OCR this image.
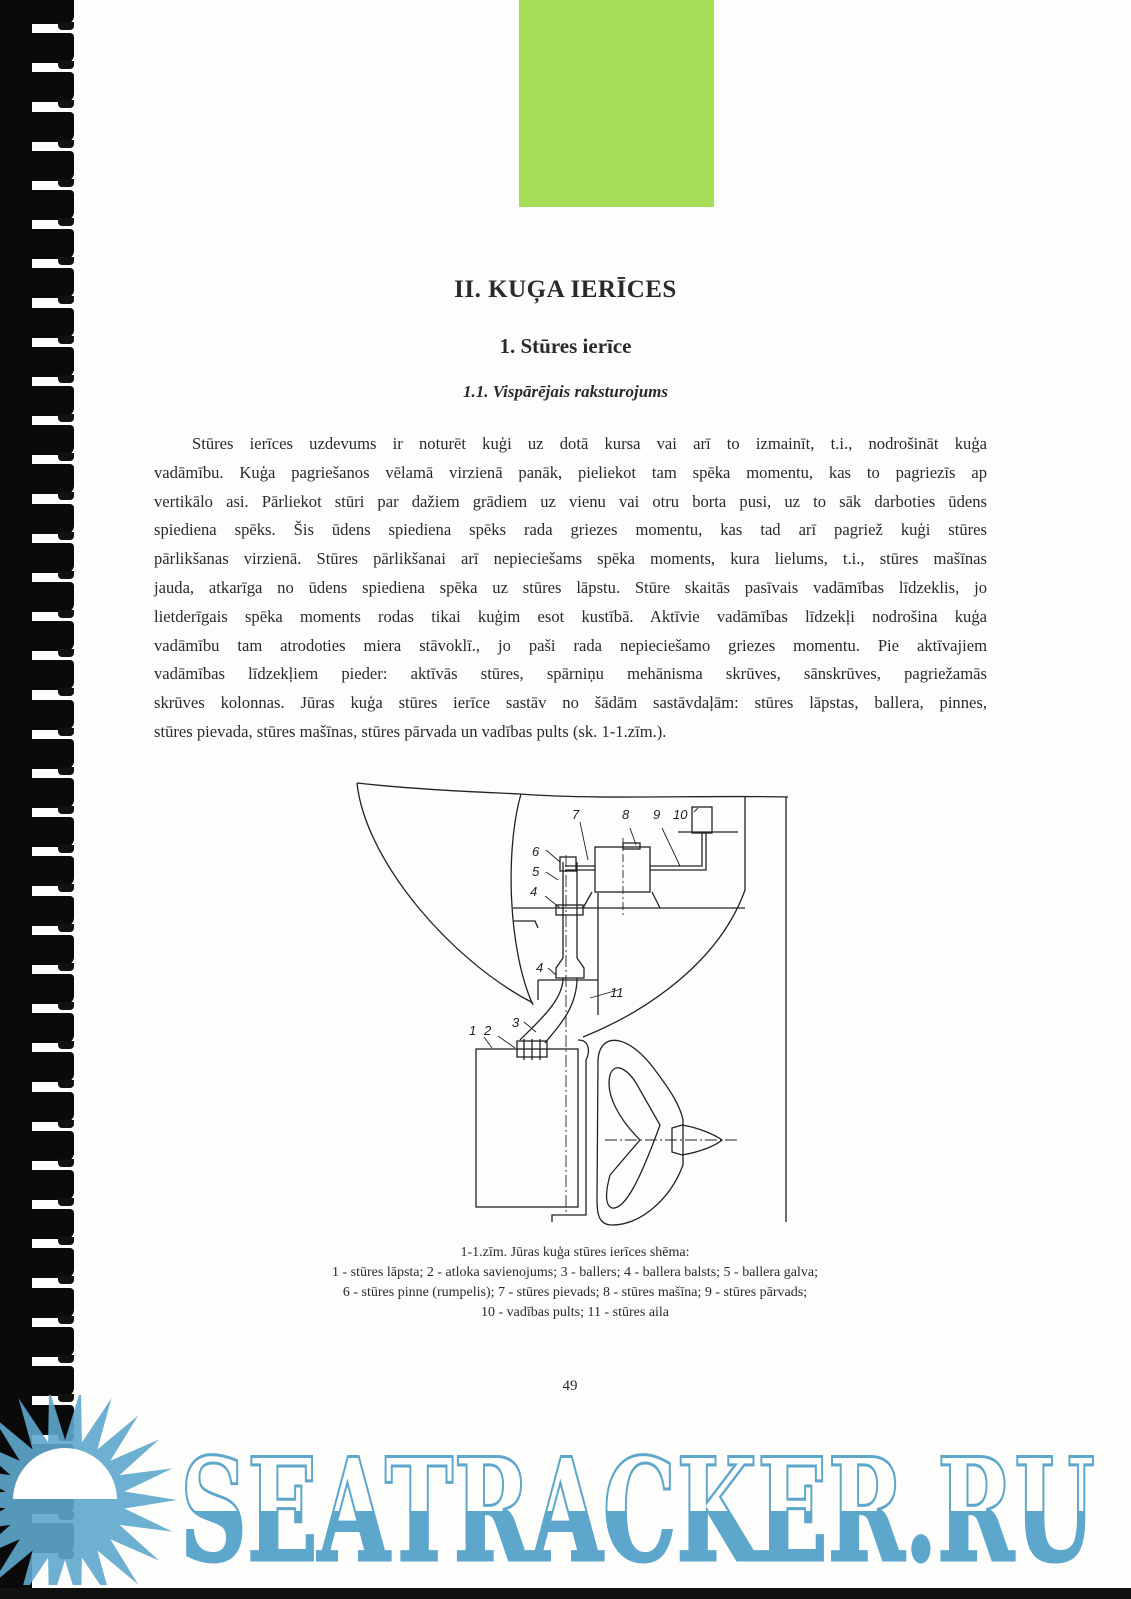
II. KUĢA IERĪCES
1. Stūres ierīce
1.1. Vispārējais raksturojums
Stūres ierīces uzdevums ir noturēt kuģi uz dotā kursa vai arī to izmainīt, t.i., nodrošināt kuģa
vadāmību. Kuģa pagriešanos vēlamā virzienā panāk, pieliekot tam spēka momentu, kas to pagriezīs ap
vertikālo asi. Pārliekot stūri par dažiem grādiem uz vienu vai otru borta pusi, uz to sāk darboties ūdens
spiediena spēks. Šis ūdens spiediena spēks rada griezes momentu, kas tad arī pagriež kuģi stūres
pārlikšanas virzienā. Stūres pārlikšanai arī nepieciešams spēka moments, kura lielums, t.i., stūres mašīnas
jauda, atkarīga no ūdens spiediena spēka uz stūres lāpstu. Stūre skaitās pasīvais vadāmības līdzeklis, jo
lietderīgais spēka moments rodas tikai kuģim esot kustībā. Aktīvie vadāmības līdzekļi nodrošina kuģa
vadāmību tam atrodoties miera stāvoklī., jo paši rada nepieciešamo griezes momentu. Pie aktīvajiem
vadāmības līdzekļiem pieder: aktīvās stūres, spārniņu mehānisma skrūves, sānskrūves, pagriežamās
skrūves kolonnas. Jūras kuģa stūres ierīce sastāv no šādām sastāvdaļām: stūres lāpstas, ballera, pinnes,
stūres pievada, stūres mašīnas, stūres pārvada un vadības pults (sk. 1-1.zīm.).
1 2
3
4
4
5
6
7	8 9 10
11
1-1.zīm. Jūras kuģa stūres ierīces shēma:
1 - stūres lāpsta; 2 - atloka savienojums; 3 - ballers; 4 - ballera balsts; 5 - ballera galva;
6 - stūres pinne (rumpelis); 7 - stūres pievads; 8 - stūres mašīna; 9 - stūres pārvads;
10 - vadības pults; 11 - stūres aila
49
SEATRACKER.RU
